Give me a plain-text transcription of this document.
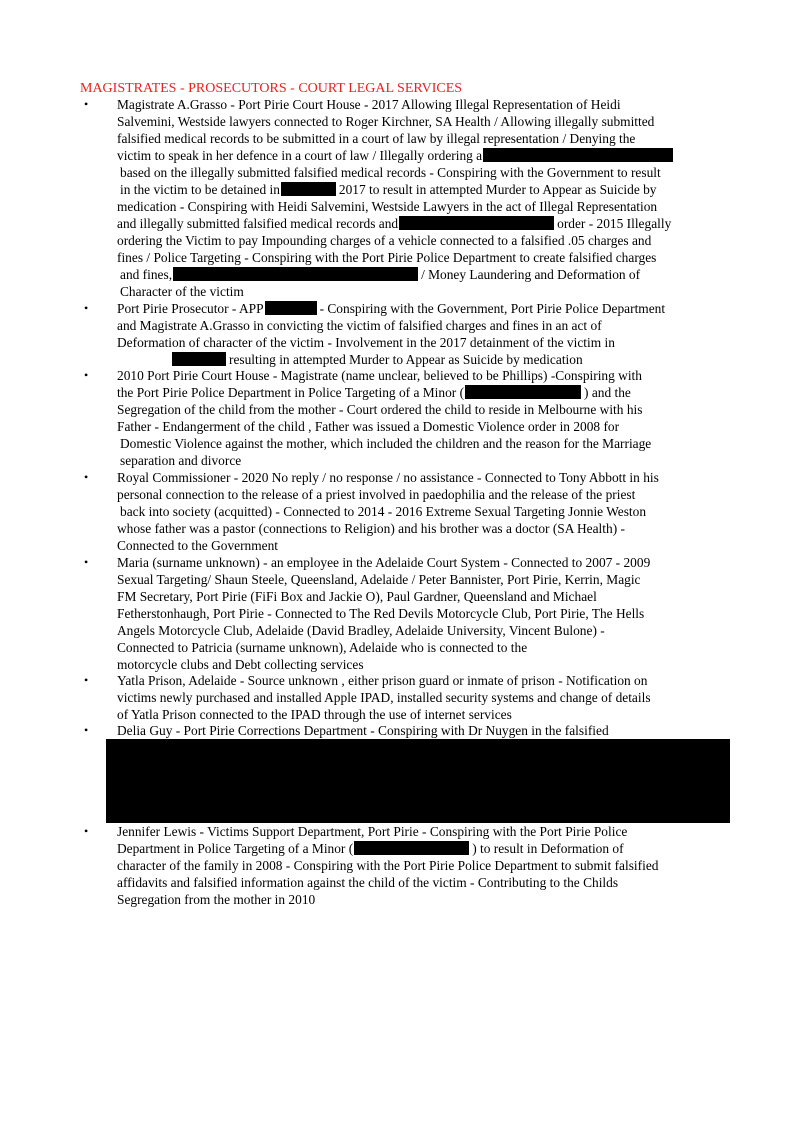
MAGISTRATES - PROSECUTORS - COURT LEGAL SERVICES
• Magistrate A.Grasso - Port Pirie Court House - 2017 Allowing Illegal Representation of Heidi
Salvemini, Westside lawyers connected to Roger Kirchner, SA Health / Allowing illegally submitted
falsified medical records to be submitted in a court of law by illegal representation / Denying the
victim to speak in her defence in a court of law / Illegally ordering a
based on the illegally submitted falsified medical records - Conspiring with the Government to result
in the victim to be detained in	2017 to result in attempted Murder to Appear as Suicide by
medication - Conspiring with Heidi Salvemini, Westside Lawyers in the act of Illegal Representation
and illegally submitted falsified medical records and	order - 2015 Illegally
ordering the Victim to pay Impounding charges of a vehicle connected to a falsified .05 charges and
fines / Police Targeting - Conspiring with the Port Pirie Police Department to create falsified charges
and fines,	/ Money Laundering and Deformation of
Character of the victim
• Port Pirie Prosecutor - APP	- Conspiring with the Government, Port Pirie Police Department
and Magistrate A.Grasso in convicting the victim of falsified charges and fines in an act of
Deformation of character of the victim - Involvement in the 2017 detainment of the victim in
resulting in attempted Murder to Appear as Suicide by medication
• 2010 Port Pirie Court House - Magistrate (name unclear, believed to be Phillips) -Conspiring with
the Port Pirie Police Department in Police Targeting of a Minor (	) and the
Segregation of the child from the mother - Court ordered the child to reside in Melbourne with his
Father - Endangerment of the child , Father was issued a Domestic Violence order in 2008 for
Domestic Violence against the mother, which included the children and the reason for the Marriage
separation and divorce
• Royal Commissioner - 2020 No reply / no response / no assistance - Connected to Tony Abbott in his
personal connection to the release of a priest involved in paedophilia and the release of the priest
back into society (acquitted) - Connected to 2014 - 2016 Extreme Sexual Targeting Jonnie Weston
whose father was a pastor (connections to Religion) and his brother was a doctor (SA Health) -
Connected to the Government
• Maria (surname unknown) - an employee in the Adelaide Court System - Connected to 2007 - 2009
Sexual Targeting/ Shaun Steele, Queensland, Adelaide / Peter Bannister, Port Pirie, Kerrin, Magic
FM Secretary, Port Pirie (FiFi Box and Jackie O), Paul Gardner, Queensland and Michael
Fetherstonhaugh, Port Pirie - Connected to The Red Devils Motorcycle Club, Port Pirie, The Hells
Angels Motorcycle Club, Adelaide (David Bradley, Adelaide University, Vincent Bulone) -
Connected to Patricia (surname unknown), Adelaide who is connected to the
motorcycle clubs and Debt collecting services
• Yatla Prison, Adelaide - Source unknown , either prison guard or inmate of prison - Notification on
victims newly purchased and installed Apple IPAD, installed security systems and change of details
of Yatla Prison connected to the IPAD through the use of internet services
• Delia Guy - Port Pirie Corrections Department - Conspiring with Dr Nuygen in the falsified
• Jennifer Lewis - Victims Support Department, Port Pirie - Conspiring with the Port Pirie Police
Department in Police Targeting of a Minor (	) to result in Deformation of
character of the family in 2008 - Conspiring with the Port Pirie Police Department to submit falsified
affidavits and falsified information against the child of the victim - Contributing to the Childs
Segregation from the mother in 2010
